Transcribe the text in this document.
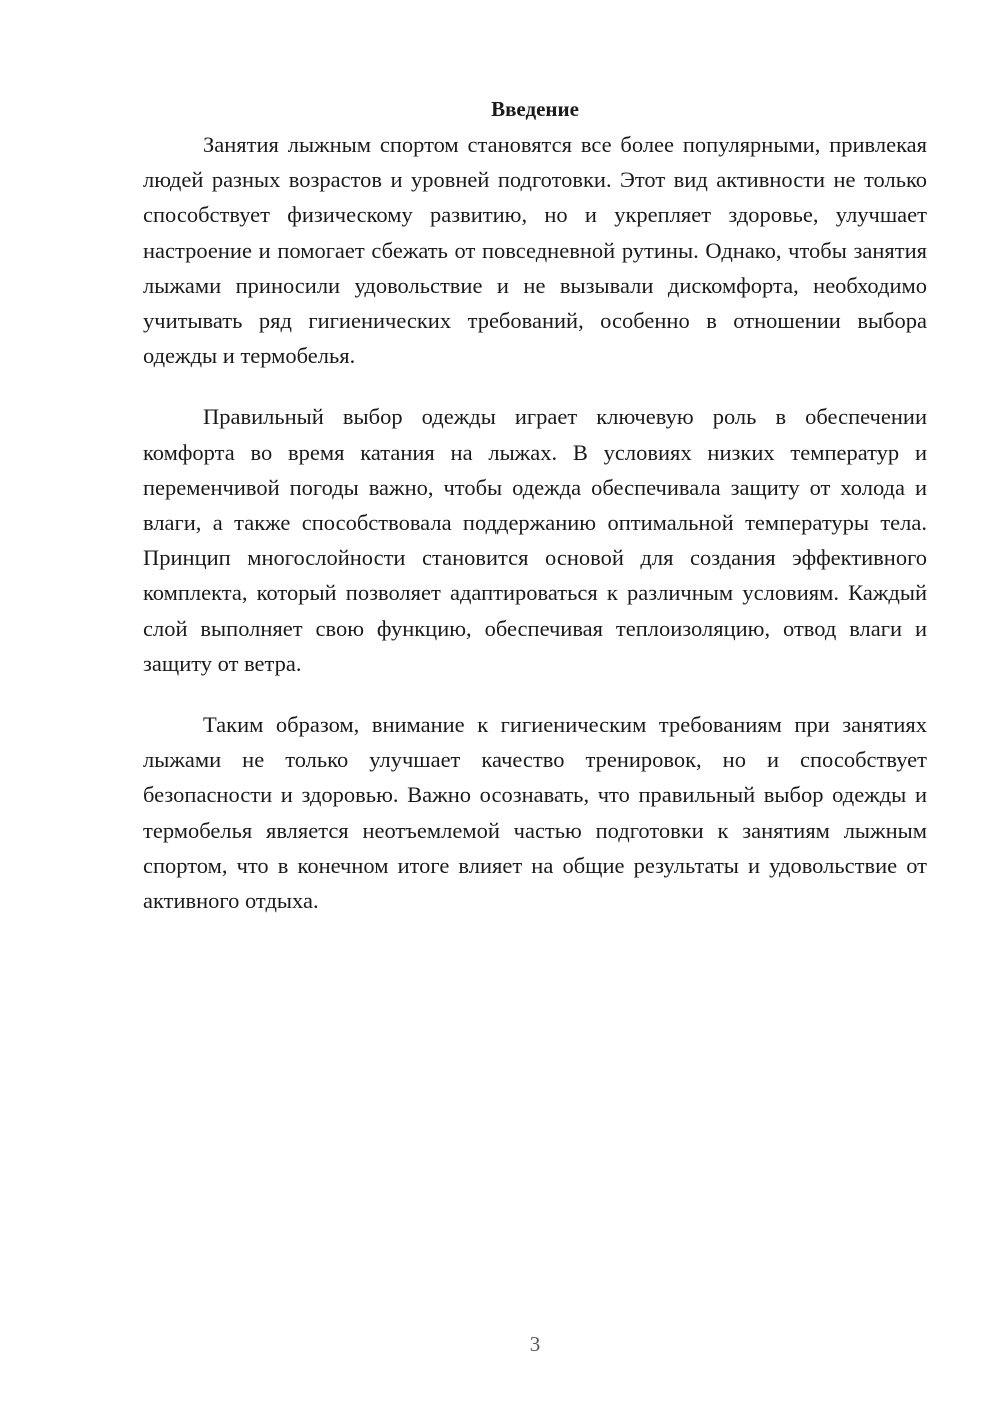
Введение

Занятия лыжным спортом становятся все более популярными, привлекая людей разных возрастов и уровней подготовки. Этот вид активности не только способствует физическому развитию, но и укрепляет здоровье, улучшает настроение и помогает сбежать от повседневной рутины. Однако, чтобы занятия лыжами приносили удовольствие и не вызывали дискомфорта, необходимо учитывать ряд гигиенических требований, особенно в отношении выбора одежды и термобелья.

Правильный выбор одежды играет ключевую роль в обеспечении комфорта во время катания на лыжах. В условиях низких температур и переменчивой погоды важно, чтобы одежда обеспечивала защиту от холода и влаги, а также способствовала поддержанию оптимальной температуры тела. Принцип многослойности становится основой для создания эффективного комплекта, который позволяет адаптироваться к различным условиям. Каждый слой выполняет свою функцию, обеспечивая теплоизоляцию, отвод влаги и защиту от ветра.

Таким образом, внимание к гигиеническим требованиям при занятиях лыжами не только улучшает качество тренировок, но и способствует безопасности и здоровью. Важно осознавать, что правильный выбор одежды и термобелья является неотъемлемой частью подготовки к занятиям лыжным спортом, что в конечном итоге влияет на общие результаты и удовольствие от активного отдыха.

3
